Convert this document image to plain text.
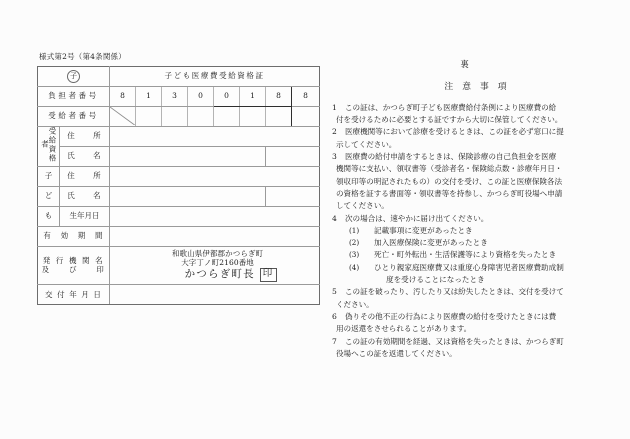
様式第2号（第4条関係）
子		子ども医療費受給資格証							
負担者番号		8	1	3	0	0	1	8	8
受給者番号	

受給資格者	住　　所								
	氏　　名								
子	住　　所								
ど	氏　　名								
も	生年月日								
有　効　期　間									
発 行 機 関 名
及　　び　　印		和歌山県伊都郡かつらぎ町
大字丁ノ町2160番地
かつらぎ町長 印							

交 付 年 月 日									
裏
注意事項
1	この証は、かつらぎ町子ども医療費給付条例により医療費の給
付を受けるために必要とする証ですから大切に保管してください。
2	医療機関等において診療を受けるときは、この証を必ず窓口に提
示してください。
3	医療費の給付申請をするときは、保険診療の自己負担金を医療
機関等に支払い、領収書等（受診者名・保険総点数・診療年月日・
領収印等の明記されたもの）の交付を受け、この証と医療保険各法
の資格を証する書面等・領収書等を持参し、かつらぎ町役場へ申請
してください。
4	次の場合は、速やかに届け出てください。
(1) 記載事項に変更があったとき
(2) 加入医療保険に変更があったとき
(3) 死亡・町外転出・生活保護等により資格を失ったとき
(4) ひとり親家庭医療費又は重度心身障害児者医療費助成制
度を受けることになったとき
5	この証を破ったり、汚したり又は紛失したときは、交付を受けて
ください。
6	偽りその他不正の行為により医療費の給付を受けたときには費
用の返還をさせられることがあります。
7	この証の有効期間を経過、又は資格を失ったときは、かつらぎ町
役場へこの証を返還してください。
